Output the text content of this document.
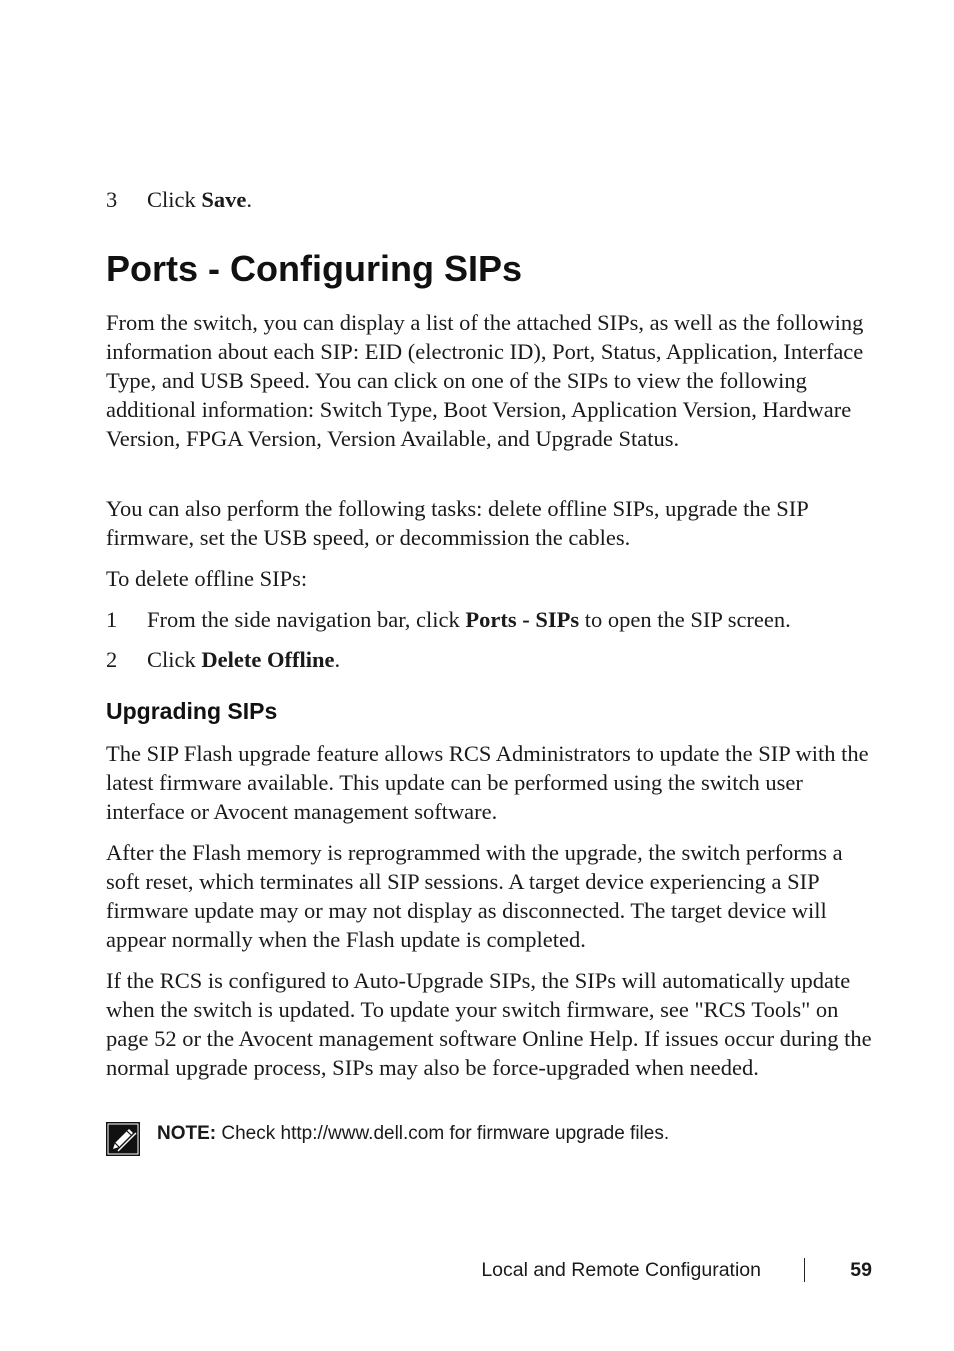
3 Click Save.
Ports - Configuring SIPs

From the switch, you can display a list of the attached SIPs, as well as the following information about each SIP: EID (electronic ID), Port, Status, Application, Interface Type, and USB Speed. You can click on one of the SIPs to view the following additional information: Switch Type, Boot Version, Application Version, Hardware Version, FPGA Version, Version Available, and Upgrade Status.

You can also perform the following tasks: delete offline SIPs, upgrade the SIP firmware, set the USB speed, or decommission the cables.

To delete offline SIPs:

1 From the side navigation bar, click Ports - SIPs to open the SIP screen.
2 Click Delete Offline.
Upgrading SIPs

The SIP Flash upgrade feature allows RCS Administrators to update the SIP with the latest firmware available. This update can be performed using the switch user interface or Avocent management software.

After the Flash memory is reprogrammed with the upgrade, the switch performs a soft reset, which terminates all SIP sessions. A target device experiencing a SIP firmware update may or may not display as disconnected. The target device will appear normally when the Flash update is completed.

If the RCS is configured to Auto-Upgrade SIPs, the SIPs will automatically update when the switch is updated. To update your switch firmware, see "RCS Tools" on page 52 or the Avocent management software Online Help. If issues occur during the normal upgrade process, SIPs may also be force-upgraded when needed.

NOTE: Check http://www.dell.com for firmware upgrade files.
Local and Remote Configuration	59
